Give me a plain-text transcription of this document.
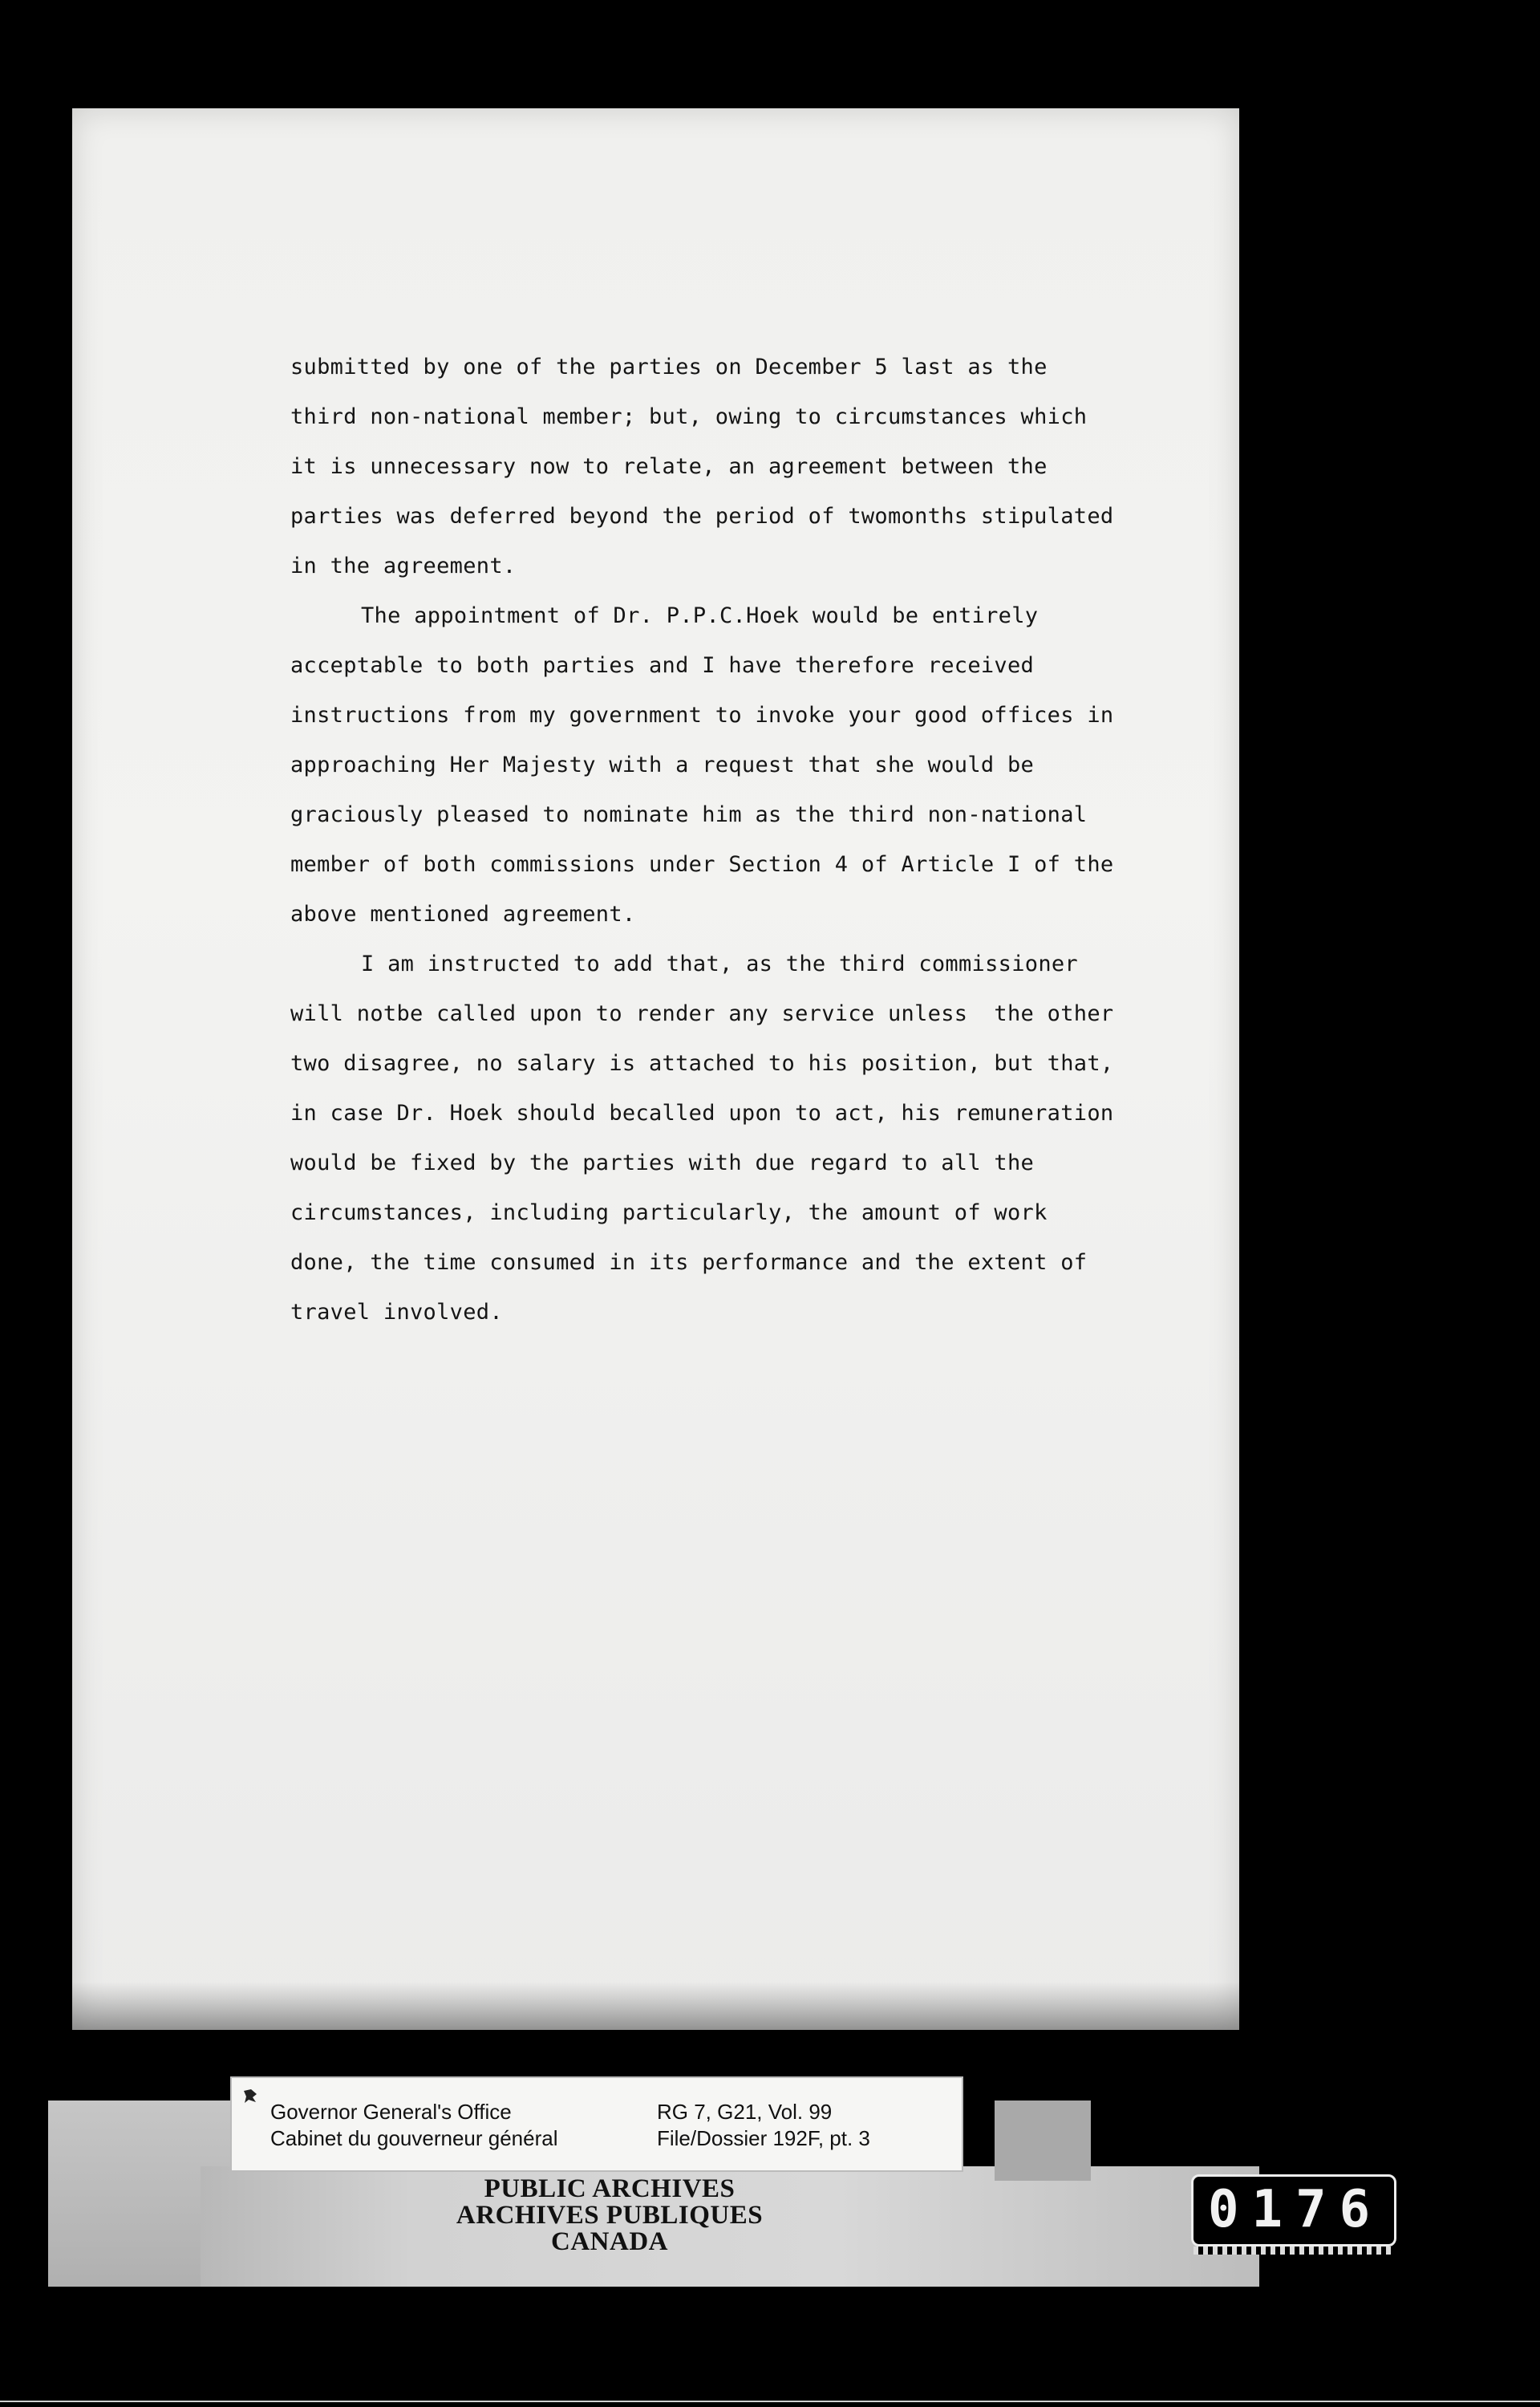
submitted by one of the parties on December 5 last as the
third non-national member; but, owing to circumstances which
it is unnecessary now to relate, an agreement between the
parties was deferred beyond the period of twomonths stipulated
in the agreement.

The appointment of Dr. P.P.C.Hoek would be entirely
acceptable to both parties and I have therefore received
instructions from my government to invoke your good offices in
approaching Her Majesty with a request that she would be
graciously pleased to nominate him as the third non-national
member of both commissions under Section 4 of Article I of the
above mentioned agreement.

I am instructed to add that, as the third commissioner
will notbe called upon to render any service unless  the other
two disagree, no salary is attached to his position, but that,
in case Dr. Hoek should becalled upon to act, his remuneration
would be fixed by the parties with due regard to all the
circumstances, including particularly, the amount of work
done, the time consumed in its performance and the extent of
travel involved.

Governor General's Office
Cabinet du gouverneur général
RG 7, G21, Vol. 99
File/Dossier 192F, pt. 3
PUBLIC ARCHIVES
ARCHIVES PUBLIQUES
CANADA
0176
